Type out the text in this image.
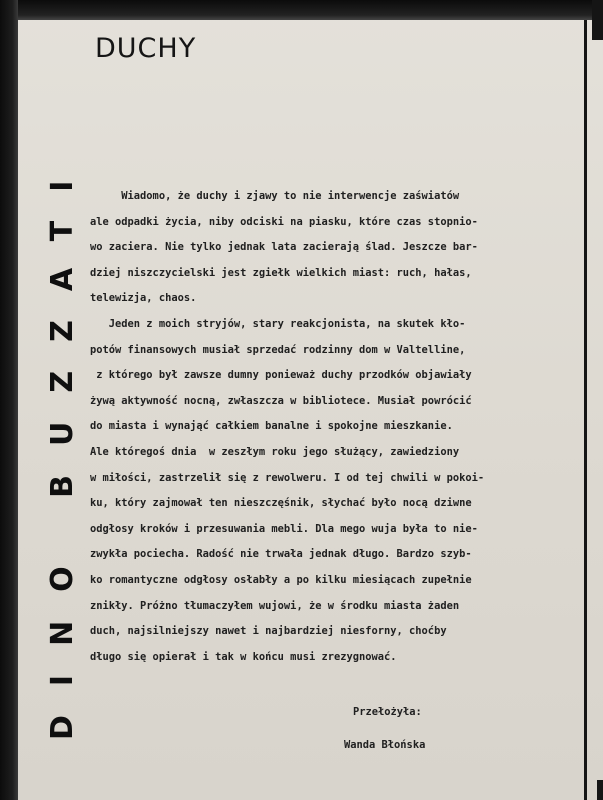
DINO BUZZATI
DUCHY
Wiadomo, że duchy i zjawy to nie interwencje zaświatów
ale odpadki życia, niby odciski na piasku, które czas stopnio-
wo zaciera. Nie tylko jednak lata zacierają ślad. Jeszcze bar-
dziej niszczycielski jest zgiełk wielkich miast: ruch, hałas,
telewizja, chaos.
Jeden z moich stryjów, stary reakcjonista, na skutek kło-
potów finansowych musiał sprzedać rodzinny dom w Valtelline,
z którego był zawsze dumny ponieważ duchy przodków objawiały
żywą aktywność nocną, zwłaszcza w bibliotece. Musiał powrócić
do miasta i wynająć całkiem banalne i spokojne mieszkanie.
Ale któregoś dnia  w zeszłym roku jego służący, zawiedziony
w miłości, zastrzelił się z rewolweru. I od tej chwili w pokoi-
ku, który zajmował ten nieszczęśnik, słychać było nocą dziwne
odgłosy kroków i przesuwania mebli. Dla mego wuja była to nie-
zwykła pociecha. Radość nie trwała jednak długo. Bardzo szyb-
ko romantyczne odgłosy osłabły a po kilku miesiącach zupełnie
znikły. Próżno tłumaczyłem wujowi, że w środku miasta żaden
duch, najsilniejszy nawet i najbardziej niesforny, choćby
długo się opierał i tak w końcu musi zrezygnować.
Przełożyła:
Wanda Błońska
